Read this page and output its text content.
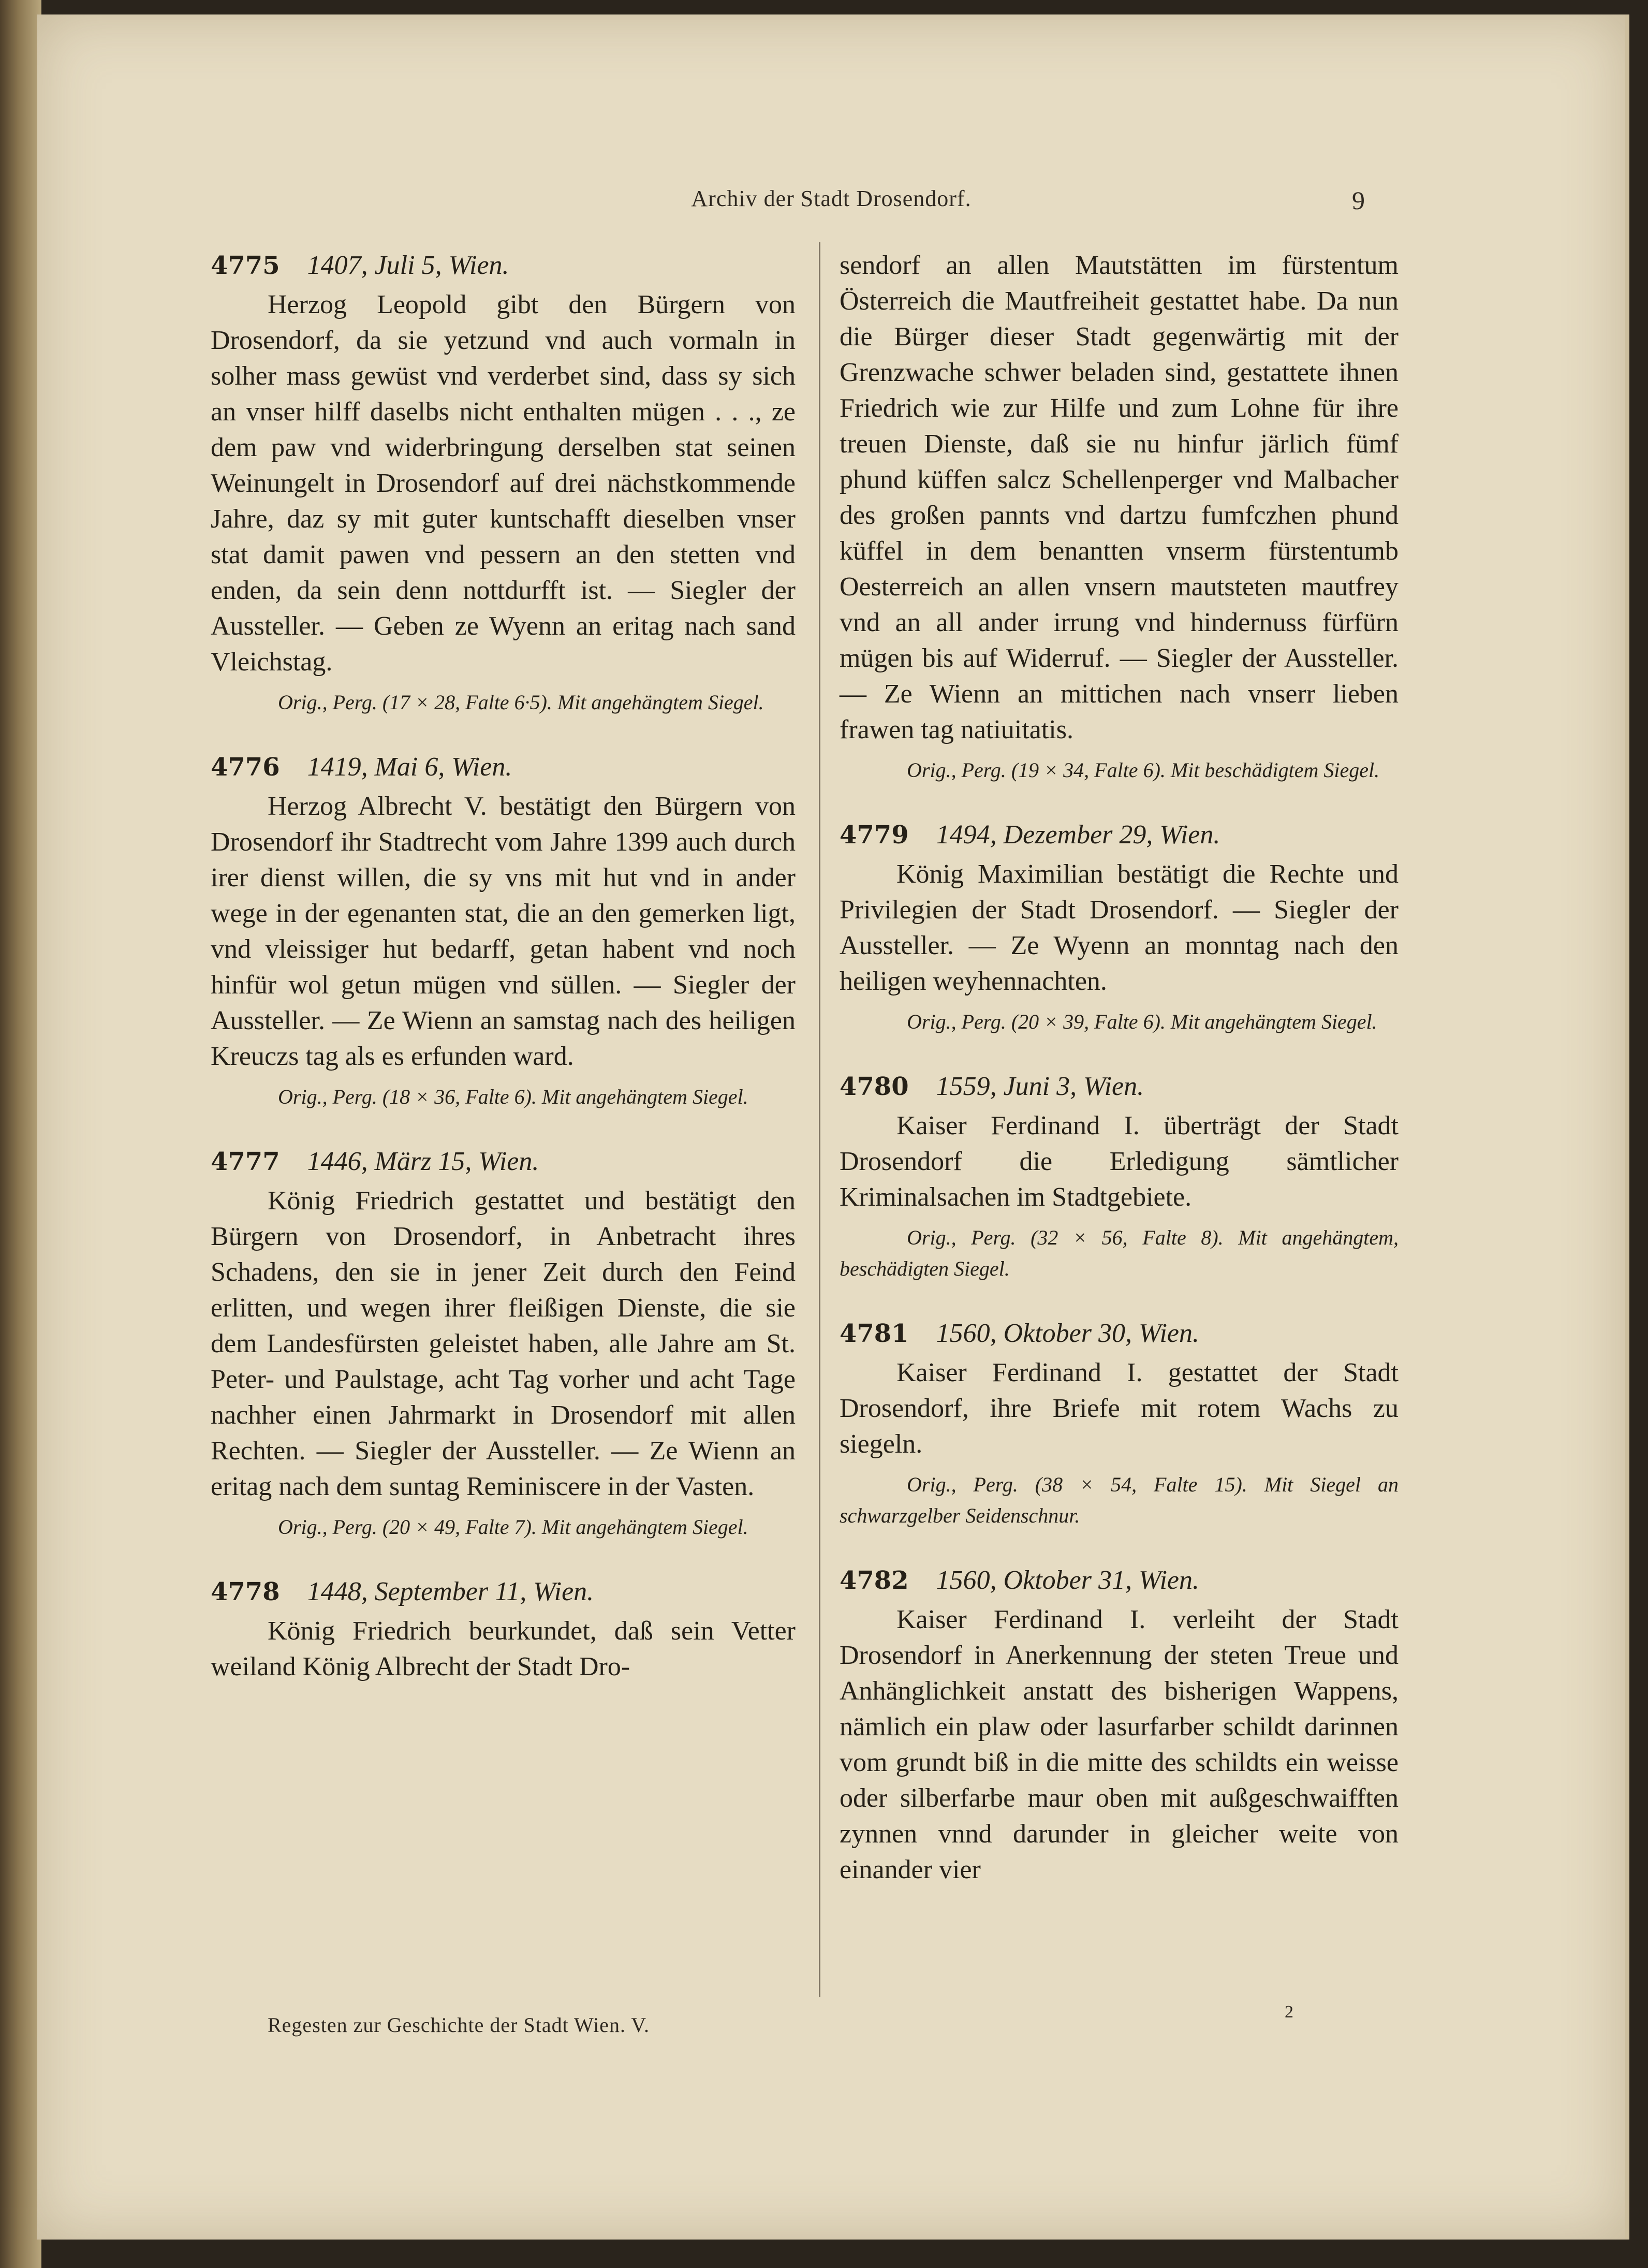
Archiv der Stadt Drosendorf.	9

4775 1407, Juli 5, Wien.

Herzog Leopold gibt den Bürgern von Drosendorf, da sie yetzund vnd auch vormaln in solher mass gewüst vnd verderbet sind, dass sy sich an vnser hilff daselbs nicht enthalten mügen . . ., ze dem paw vnd widerbringung derselben stat seinen Weinungelt in Drosendorf auf drei nächstkommende Jahre, daz sy mit guter kuntschafft dieselben vnser stat damit pawen vnd pessern an den stetten vnd enden, da sein denn nottdurfft ist. — Siegler der Aussteller. — Geben ze Wyenn an eritag nach sand Vleichstag.

Orig., Perg. (17 × 28, Falte 6·5). Mit angehängtem Siegel.

4776 1419, Mai 6, Wien.

Herzog Albrecht V. bestätigt den Bürgern von Drosendorf ihr Stadtrecht vom Jahre 1399 auch durch irer dienst willen, die sy vns mit hut vnd in ander wege in der egenanten stat, die an den gemerken ligt, vnd vleissiger hut bedarff, getan habent vnd noch hinfür wol getun mügen vnd süllen. — Siegler der Aussteller. — Ze Wienn an samstag nach des heiligen Kreuczs tag als es erfunden ward.

Orig., Perg. (18 × 36, Falte 6). Mit angehängtem Siegel.

4777 1446, März 15, Wien.

König Friedrich gestattet und bestätigt den Bürgern von Drosendorf, in Anbetracht ihres Schadens, den sie in jener Zeit durch den Feind erlitten, und wegen ihrer fleißigen Dienste, die sie dem Landesfürsten geleistet haben, alle Jahre am St. Peter- und Paulstage, acht Tag vorher und acht Tage nachher einen Jahrmarkt in Drosendorf mit allen Rechten. — Siegler der Aussteller. — Ze Wienn an eritag nach dem suntag Reminiscere in der Vasten.

Orig., Perg. (20 × 49, Falte 7). Mit angehängtem Siegel.

4778 1448, September 11, Wien.

König Friedrich beurkundet, daß sein Vetter weiland König Albrecht der Stadt Dro-

sendorf an allen Mautstätten im fürstentum Österreich die Mautfreiheit gestattet habe. Da nun die Bürger dieser Stadt gegenwärtig mit der Grenzwache schwer beladen sind, gestattete ihnen Friedrich wie zur Hilfe und zum Lohne für ihre treuen Dienste, daß sie nu hinfur järlich fümf phund küffen salcz Schellenperger vnd Malbacher des großen pannts vnd dartzu fumfczhen phund küffel in dem benantten vnserm fürstentumb Oesterreich an allen vnsern mautsteten mautfrey vnd an all ander irrung vnd hindernuss fürfürn mügen bis auf Widerruf. — Siegler der Aussteller. — Ze Wienn an mittichen nach vnserr lieben frawen tag natiuitatis.

Orig., Perg. (19 × 34, Falte 6). Mit beschädigtem Siegel.

4779 1494, Dezember 29, Wien.

König Maximilian bestätigt die Rechte und Privilegien der Stadt Drosendorf. — Siegler der Aussteller. — Ze Wyenn an monntag nach den heiligen weyhennachten.

Orig., Perg. (20 × 39, Falte 6). Mit angehängtem Siegel.

4780 1559, Juni 3, Wien.

Kaiser Ferdinand I. überträgt der Stadt Drosendorf die Erledigung sämtlicher Kriminalsachen im Stadtgebiete.

Orig., Perg. (32 × 56, Falte 8). Mit angehängtem, beschädigten Siegel.

4781 1560, Oktober 30, Wien.

Kaiser Ferdinand I. gestattet der Stadt Drosendorf, ihre Briefe mit rotem Wachs zu siegeln.

Orig., Perg. (38 × 54, Falte 15). Mit Siegel an schwarzgelber Seidenschnur.

4782 1560, Oktober 31, Wien.

Kaiser Ferdinand I. verleiht der Stadt Drosendorf in Anerkennung der steten Treue und Anhänglichkeit anstatt des bisherigen Wappens, nämlich ein plaw oder lasurfarber schildt darinnen vom grundt biß in die mitte des schildts ein weisse oder silberfarbe maur oben mit außgeschwaifften zynnen vnnd darunder in gleicher weite von einander vier

Regesten zur Geschichte der Stadt Wien. V.
2
